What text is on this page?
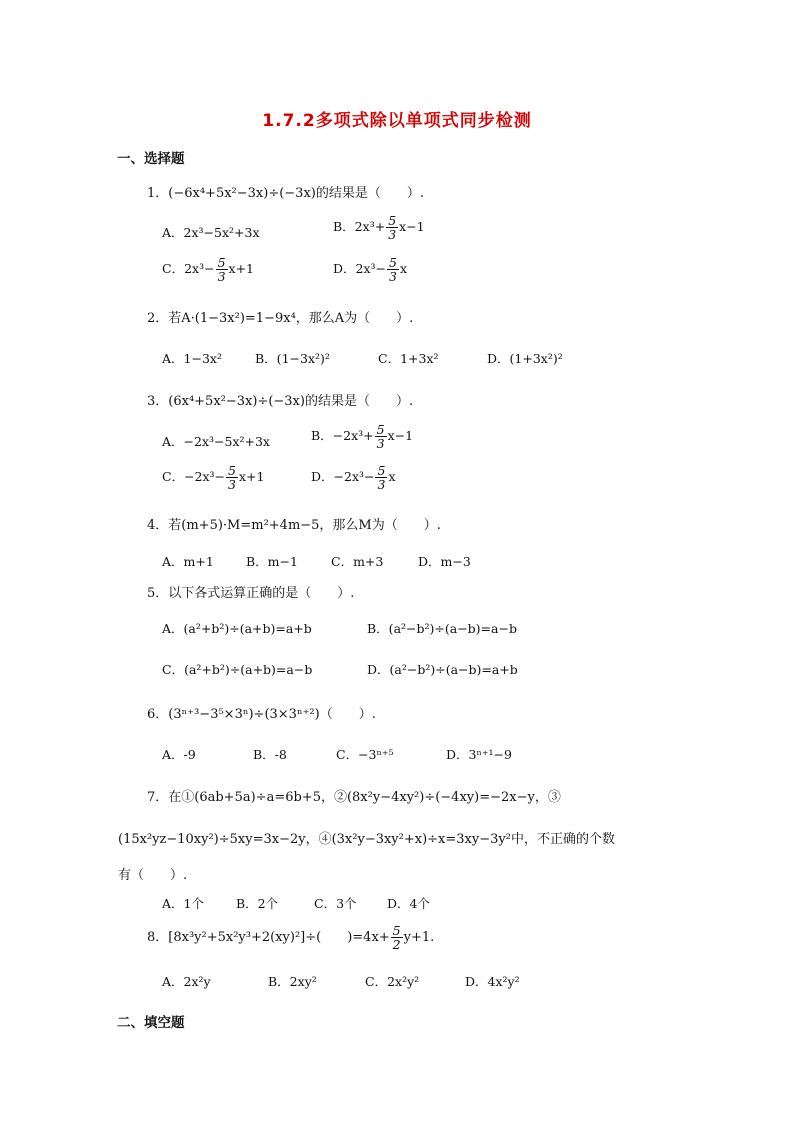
1.7.2多项式除以单项式同步检测
一、选择题
1．(−6x⁴+5x²−3x)÷(−3x)的结果是（　　）.
A．2x³−5x²+3x	B．$2x^3+ \frac{5}{3} x-1$
C．$2x^3- \frac{5}{3} x+1$	D．$2x^3- \frac{5}{3}$ x
2．若A·(1−3x²)=1−9x⁴，那么A为（　　）.
A．1−3x²	B．(1−3x²)²	C．1+3x²	D．(1+3x²)²
3．(6x⁴+5x²−3x)÷(−3x)的结果是（　　）.
A．−2x³−5x²+3x	B．$-2x^3+ \frac{5}{3} x-1$
C．$-2x^3- \frac{5}{3} x+1$	D．$-2x^3- \frac{5}{3}$ x
4．若(m+5)·M=m²+4m−5，那么M为（　　）.
A．m+1	B．m−1	C．m+3	D．m−3
5．以下各式运算正确的是（　　）.
A．(a²+b²)÷(a+b)=a+b	B．(a²−b²)÷(a−b)=a−b
C．(a²+b²)÷(a+b)=a−b	D．(a²−b²)÷(a−b)=a+b
6．(3ⁿ⁺³−3⁵×3ⁿ)÷(3×3ⁿ⁺²)（　　）.
A．-9	B．-8	C．−3ⁿ⁺⁵	D．3ⁿ⁺¹−9
7．在①(6ab+5a)÷a=6b+5，②(8x²y−4xy²)÷(−4xy)=−2x−y，③
(15x²yz−10xy²)÷5xy=3x−2y，④(3x²y−3xy²+x)÷x=3xy−3y²中，不正确的个数
有（　　）.
A．1个	B．2个	C．3个 D．4个
8．[8x³y²+5x²y³+2(xy)²]÷(　　)$=4x+ \frac{5}{2} y+1$.
A．2x²y	B．2xy²	C．2x²y²	D．4x²y²
二、填空题
